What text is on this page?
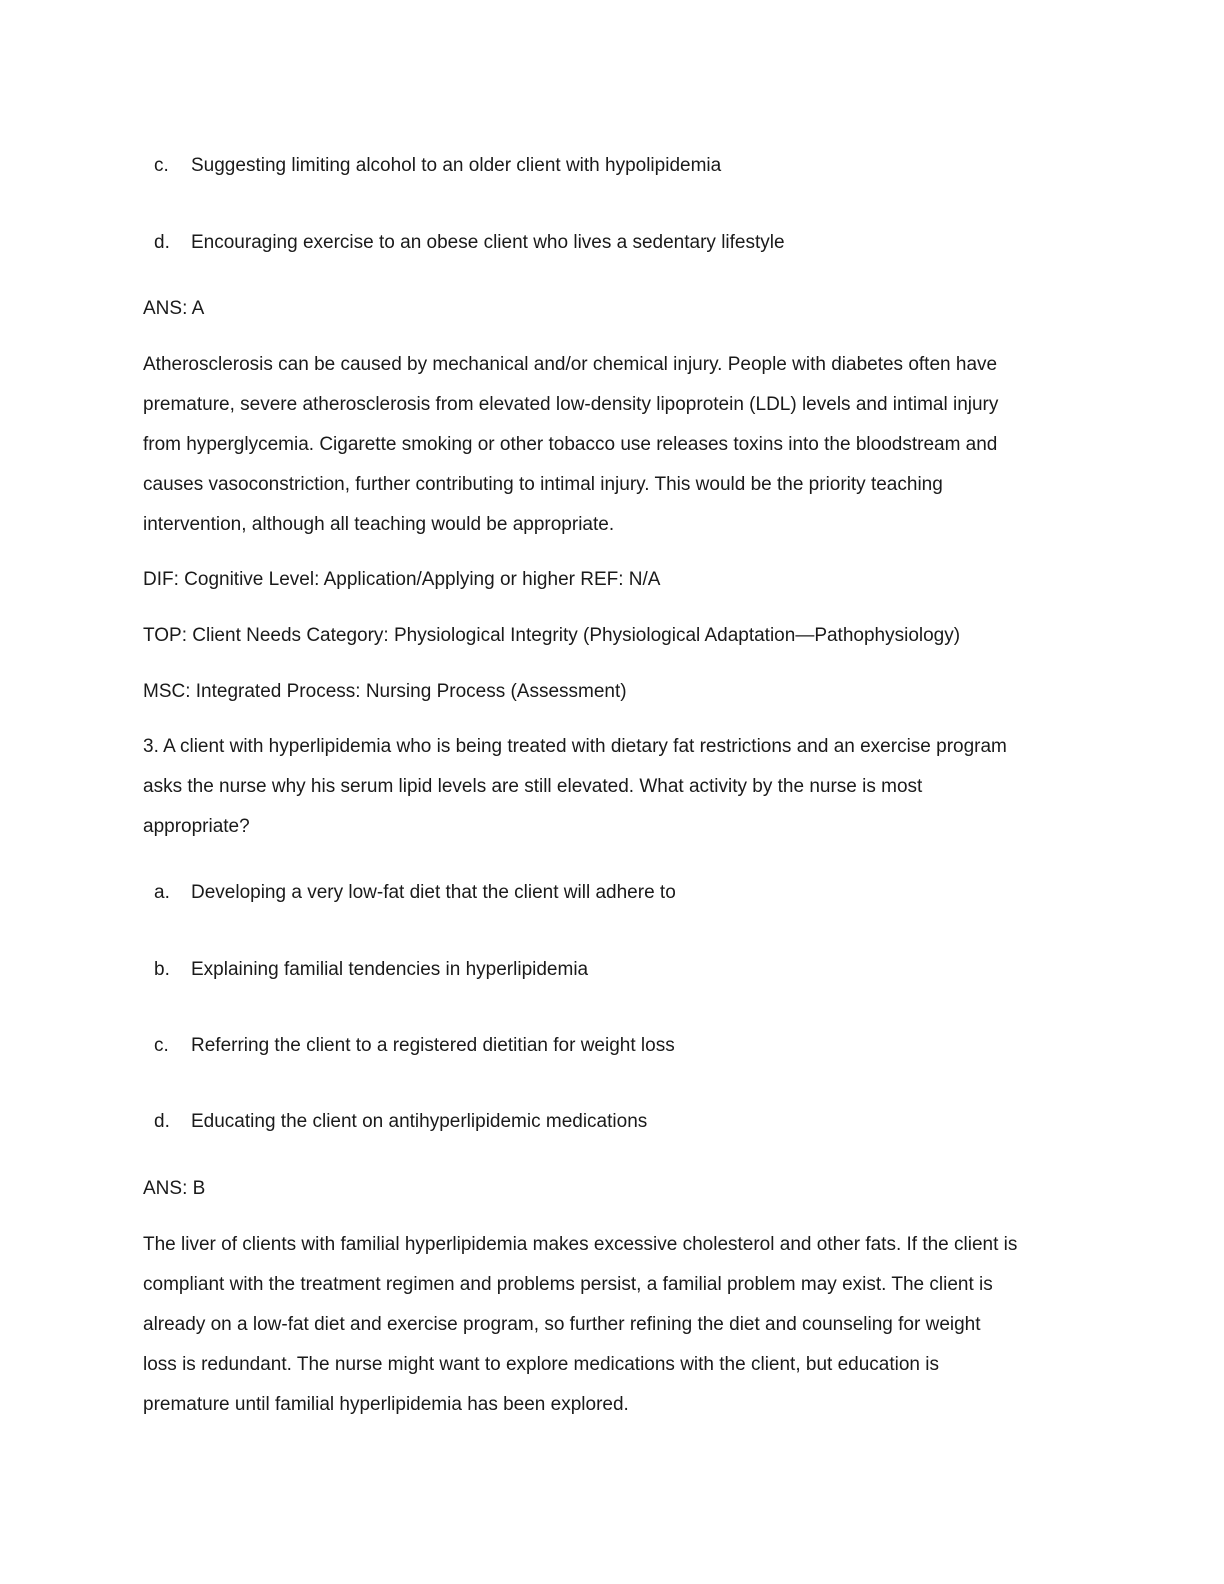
c. Suggesting limiting alcohol to an older client with hypolipidemia
d. Encouraging exercise to an obese client who lives a sedentary lifestyle
ANS: A
Atherosclerosis can be caused by mechanical and/or chemical injury. People with diabetes often have
premature, severe atherosclerosis from elevated low-density lipoprotein (LDL) levels and intimal injury
from hyperglycemia. Cigarette smoking or other tobacco use releases toxins into the bloodstream and
causes vasoconstriction, further contributing to intimal injury. This would be the priority teaching
intervention, although all teaching would be appropriate.
DIF: Cognitive Level: Application/Applying or higher REF: N/A
TOP: Client Needs Category: Physiological Integrity (Physiological Adaptation—Pathophysiology)
MSC: Integrated Process: Nursing Process (Assessment)
3. A client with hyperlipidemia who is being treated with dietary fat restrictions and an exercise program
asks the nurse why his serum lipid levels are still elevated. What activity by the nurse is most
appropriate?
a. Developing a very low-fat diet that the client will adhere to
b. Explaining familial tendencies in hyperlipidemia
c. Referring the client to a registered dietitian for weight loss
d. Educating the client on antihyperlipidemic medications
ANS: B
The liver of clients with familial hyperlipidemia makes excessive cholesterol and other fats. If the client is
compliant with the treatment regimen and problems persist, a familial problem may exist. The client is
already on a low-fat diet and exercise program, so further refining the diet and counseling for weight
loss is redundant. The nurse might want to explore medications with the client, but education is
premature until familial hyperlipidemia has been explored.
